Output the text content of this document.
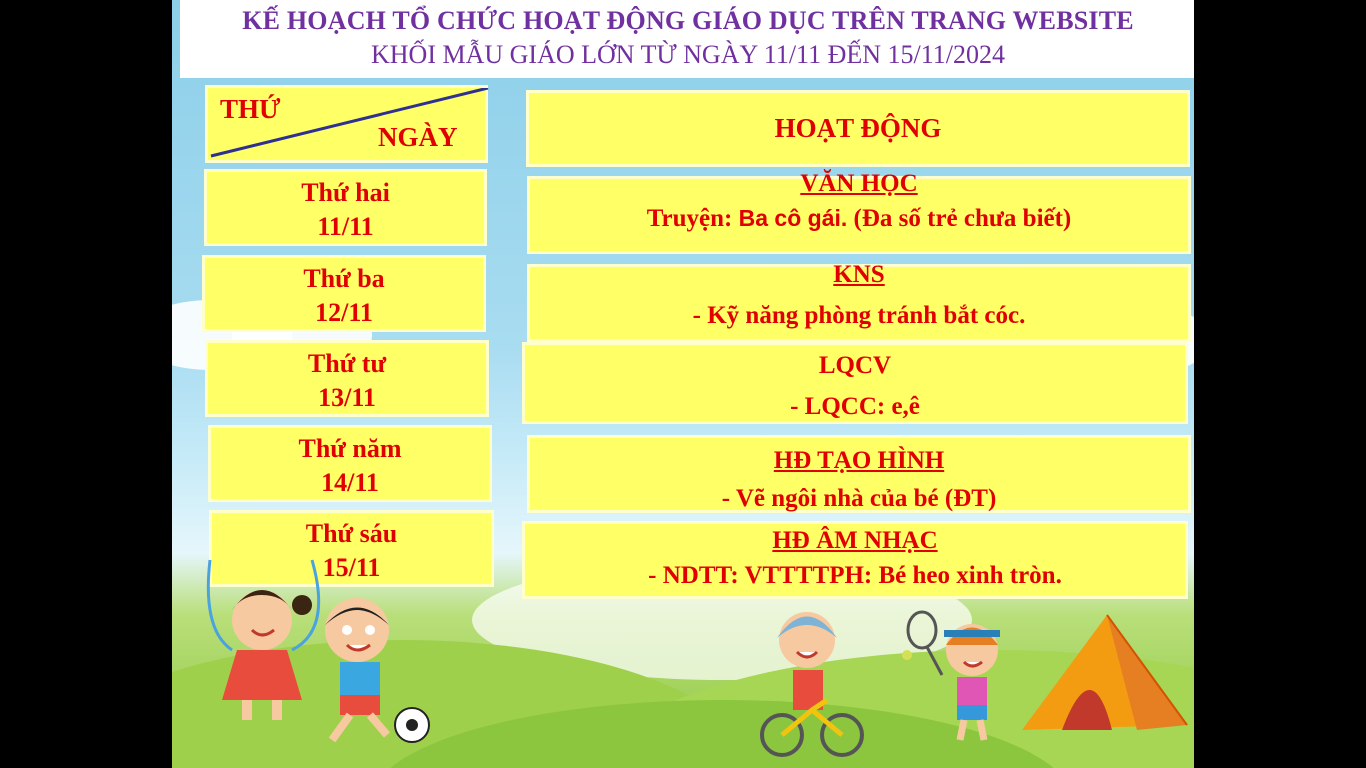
KẾ HOẠCH TỔ CHỨC HOẠT ĐỘNG GIÁO DỤC TRÊN TRANG WEBSITE
KHỐI MẪU GIÁO LỚN TỪ NGÀY 11/11 ĐẾN 15/11/2024
THỨ
NGÀY	HOẠT ĐỘNG
Thứ hai
11/11
Thứ ba
12/11
Thứ tư
13/11
Thứ năm
14/11
Thứ sáu
15/11
VĂN HỌC
Truyện: Ba cô gái. (Đa số trẻ chưa biết)
KNS
- Kỹ năng phòng tránh bắt cóc.
LQCV
- LQCC: e,ê
HĐ TẠO HÌNH
- Vẽ ngôi nhà của bé (ĐT)
HĐ ÂM NHẠC
- NDTT: VTTTTPH: Bé heo xinh tròn.
